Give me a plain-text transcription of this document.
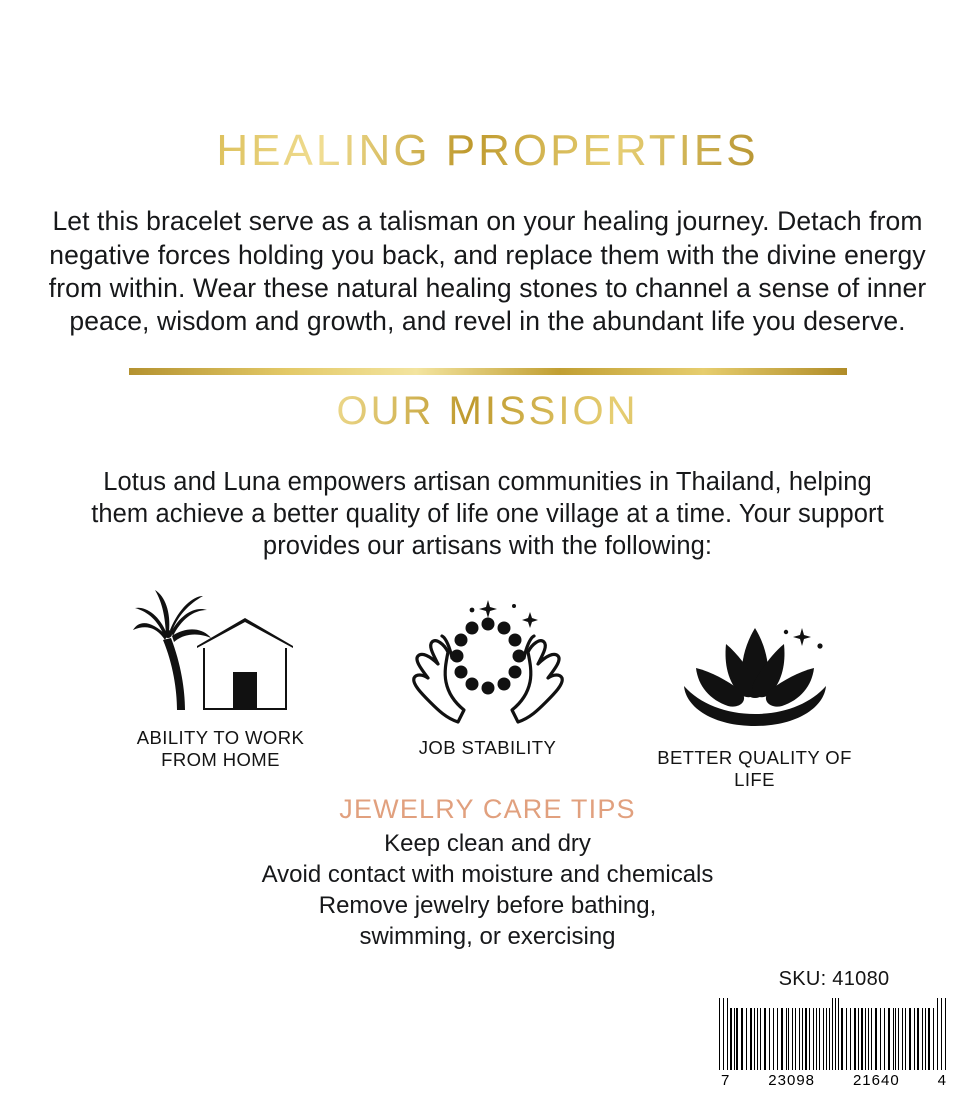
HEALING PROPERTIES

Let this bracelet serve as a talisman on your healing journey. Detach from negative forces holding you back, and replace them with the divine energy from within. Wear these natural healing stones to channel a sense of inner peace, wisdom and growth, and revel in the abundant life you deserve.

OUR MISSION

Lotus and Luna empowers artisan communities in Thailand, helping them achieve a better quality of life one village at a time. Your support provides our artisans with the following:

ABILITY TO WORK FROM HOME
JOB STABILITY	BETTER QUALITY OF LIFE
JEWELRY CARE TIPS
Keep clean and dry
Avoid contact with moisture and chemicals
Remove jewelry before bathing,
swimming, or exercising
SKU: 41080
7	23098	21640	4
